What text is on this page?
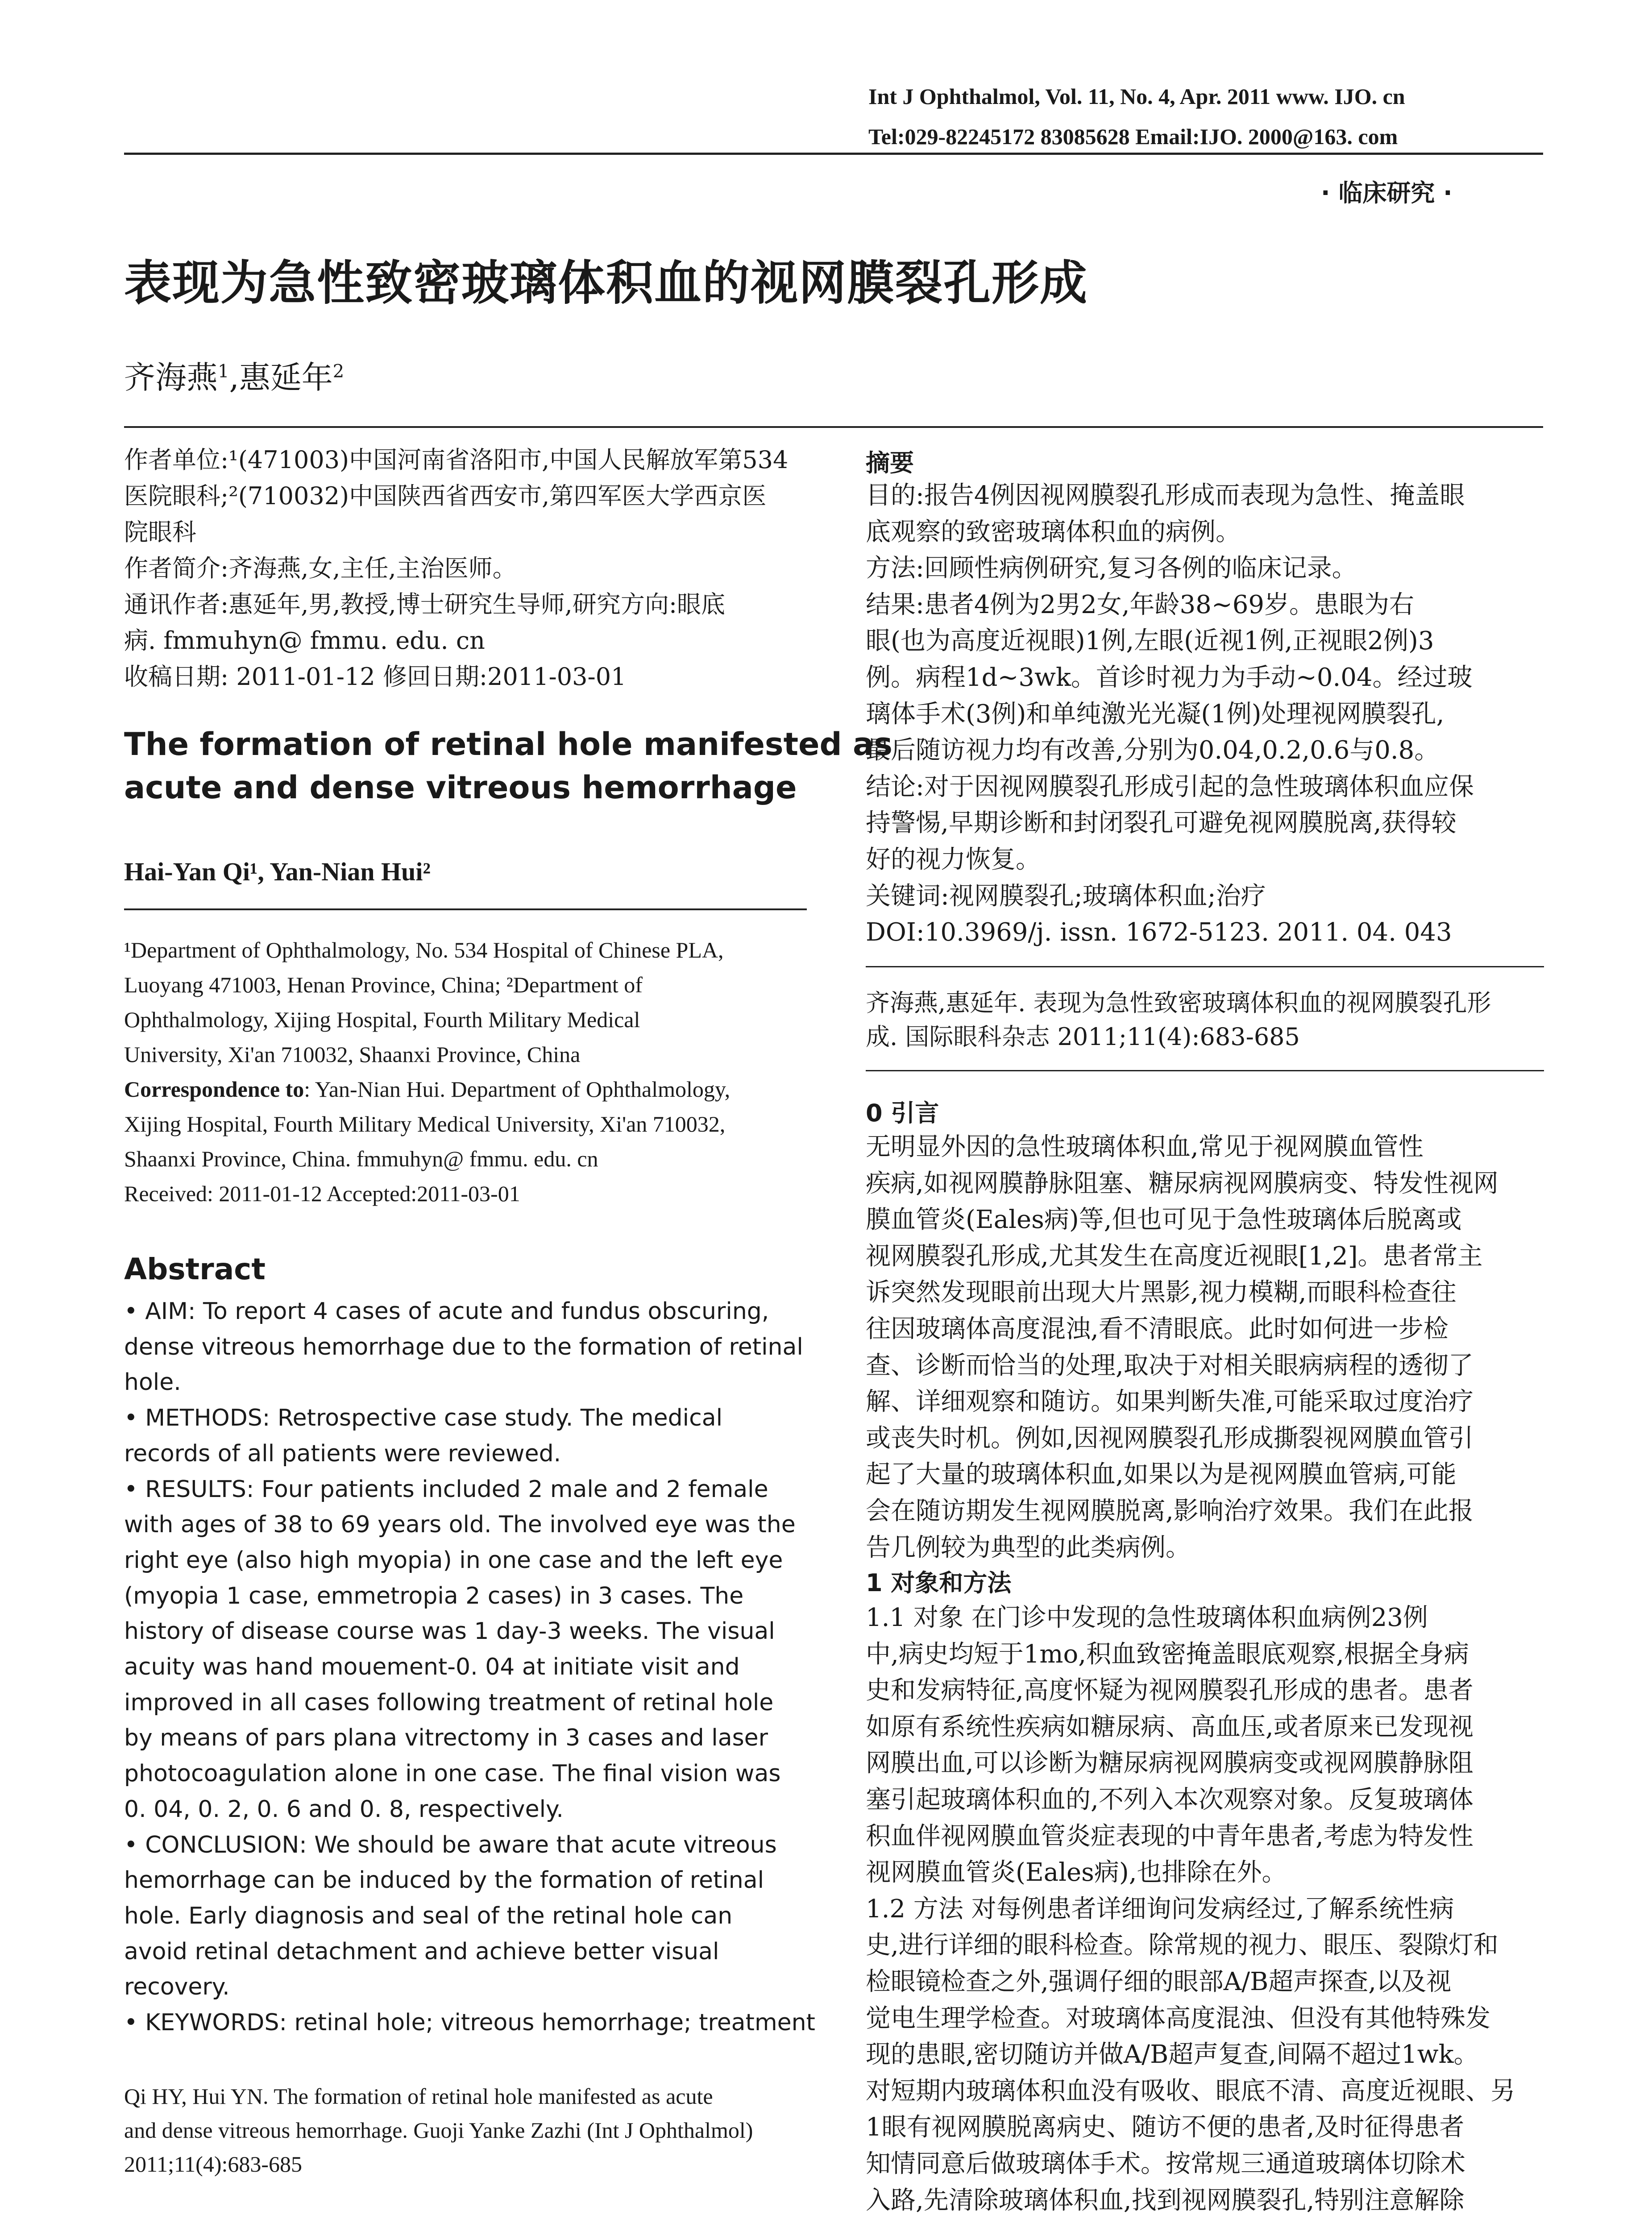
Int J Ophthalmol, Vol. 11, No. 4, Apr. 2011 www. IJO. cn
Tel:029-82245172 83085628 Email:IJO. 2000@163. com
· 临床研究 ·
表现为急性致密玻璃体积血的视网膜裂孔形成
齐海燕$^1$,惠延年$^2$
作者单位:¹(471003)中国河南省洛阳市,中国人民解放军第534
医院眼科;²(710032)中国陕西省西安市,第四军医大学西京医
院眼科
作者简介:齐海燕,女,主任,主治医师。
通讯作者:惠延年,男,教授,博士研究生导师,研究方向:眼底
病. fmmuhyn@ fmmu. edu. cn
收稿日期: 2011-01-12 修回日期:2011-03-01
The formation of retinal hole manifested as
acute and dense vitreous hemorrhage
Hai-Yan Qi¹, Yan-Nian Hui²
¹Department of Ophthalmology, No. 534 Hospital of Chinese PLA,
Luoyang 471003, Henan Province, China; ²Department of
Ophthalmology, Xijing Hospital, Fourth Military Medical
University, Xi'an 710032, Shaanxi Province, China
Correspondence to: Yan-Nian Hui. Department of Ophthalmology,
Xijing Hospital, Fourth Military Medical University, Xi'an 710032,
Shaanxi Province, China. fmmuhyn@ fmmu. edu. cn
Received: 2011-01-12 Accepted:2011-03-01
Abstract
• AIM: To report 4 cases of acute and fundus obscuring,
dense vitreous hemorrhage due to the formation of retinal
hole.
• METHODS: Retrospective case study. The medical
records of all patients were reviewed.
• RESULTS: Four patients included 2 male and 2 female
with ages of 38 to 69 years old. The involved eye was the
right eye (also high myopia) in one case and the left eye
(myopia 1 case, emmetropia 2 cases) in 3 cases. The
history of disease course was 1 day-3 weeks. The visual
acuity was hand mouement-0. 04 at initiate visit and
improved in all cases following treatment of retinal hole
by means of pars plana vitrectomy in 3 cases and laser
photocoagulation alone in one case. The final vision was
0. 04, 0. 2, 0. 6 and 0. 8, respectively.
• CONCLUSION: We should be aware that acute vitreous
hemorrhage can be induced by the formation of retinal
hole. Early diagnosis and seal of the retinal hole can
avoid retinal detachment and achieve better visual
recovery.
• KEYWORDS: retinal hole; vitreous hemorrhage; treatment
Qi HY, Hui YN. The formation of retinal hole manifested as acute
and dense vitreous hemorrhage. Guoji Yanke Zazhi (Int J Ophthalmol)
2011;11(4):683-685
摘要
目的:报告4例因视网膜裂孔形成而表现为急性、掩盖眼
底观察的致密玻璃体积血的病例。
方法:回顾性病例研究,复习各例的临床记录。
结果:患者4例为2男2女,年龄38~69岁。患眼为右
眼(也为高度近视眼)1例,左眼(近视1例,正视眼2例)3
例。病程1d~3wk。首诊时视力为手动~0.04。经过玻
璃体手术(3例)和单纯激光光凝(1例)处理视网膜裂孔,
最后随访视力均有改善,分别为0.04,0.2,0.6与0.8。
结论:对于因视网膜裂孔形成引起的急性玻璃体积血应保
持警惕,早期诊断和封闭裂孔可避免视网膜脱离,获得较
好的视力恢复。
关键词:视网膜裂孔;玻璃体积血;治疗
DOI:10.3969/j. issn. 1672-5123. 2011. 04. 043
齐海燕,惠延年. 表现为急性致密玻璃体积血的视网膜裂孔形
成. 国际眼科杂志 2011;11(4):683-685
0 引言
无明显外因的急性玻璃体积血,常见于视网膜血管性
疾病,如视网膜静脉阻塞、糖尿病视网膜病变、特发性视网
膜血管炎(Eales病)等,但也可见于急性玻璃体后脱离或
视网膜裂孔形成,尤其发生在高度近视眼[1,2]。患者常主
诉突然发现眼前出现大片黑影,视力模糊,而眼科检查往
往因玻璃体高度混浊,看不清眼底。此时如何进一步检
查、诊断而恰当的处理,取决于对相关眼病病程的透彻了
解、详细观察和随访。如果判断失准,可能采取过度治疗
或丧失时机。例如,因视网膜裂孔形成撕裂视网膜血管引
起了大量的玻璃体积血,如果以为是视网膜血管病,可能
会在随访期发生视网膜脱离,影响治疗效果。我们在此报
告几例较为典型的此类病例。
1 对象和方法
1.1 对象 在门诊中发现的急性玻璃体积血病例23例
中,病史均短于1mo,积血致密掩盖眼底观察,根据全身病
史和发病特征,高度怀疑为视网膜裂孔形成的患者。患者
如原有系统性疾病如糖尿病、高血压,或者原来已发现视
网膜出血,可以诊断为糖尿病视网膜病变或视网膜静脉阻
塞引起玻璃体积血的,不列入本次观察对象。反复玻璃体
积血伴视网膜血管炎症表现的中青年患者,考虑为特发性
视网膜血管炎(Eales病),也排除在外。
1.2 方法 对每例患者详细询问发病经过,了解系统性病
史,进行详细的眼科检查。除常规的视力、眼压、裂隙灯和
检眼镜检查之外,强调仔细的眼部A/B超声探查,以及视
觉电生理学检查。对玻璃体高度混浊、但没有其他特殊发
现的患眼,密切随访并做A/B超声复查,间隔不超过1wk。
对短期内玻璃体积血没有吸收、眼底不清、高度近视眼、另
1眼有视网膜脱离病史、随访不便的患者,及时征得患者
知情同意后做玻璃体手术。按常规三通道玻璃体切除术
入路,先清除玻璃体积血,找到视网膜裂孔,特别注意解除
